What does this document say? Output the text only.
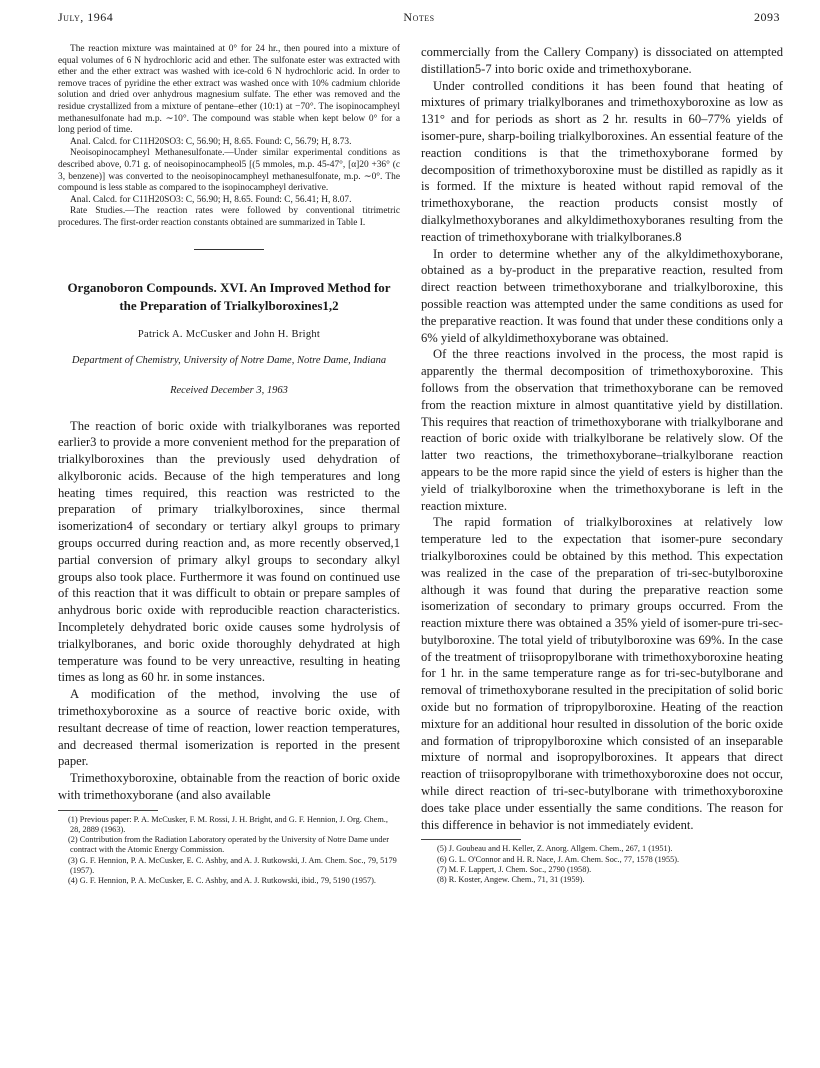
July, 1964	Notes	2093

The reaction mixture was maintained at 0° for 24 hr., then poured into a mixture of equal volumes of 6 N hydrochloric acid and ether. The sulfonate ester was extracted with ether and the ether extract was washed with ice-cold 6 N hydrochloric acid. In order to remove traces of pyridine the ether extract was washed once with 10% cadmium chloride solution and dried over anhydrous magnesium sulfate. The ether was removed and the residue crystallized from a mixture of pentane–ether (10:1) at −70°. The isopinocampheyl methanesulfonate had m.p. ∼10°. The compound was stable when kept below 0° for a long period of time.

Anal. Calcd. for C11H20SO3: C, 56.90; H, 8.65. Found: C, 56.79; H, 8.73.

Neoisopinocampheyl Methanesulfonate.—Under similar experimental conditions as described above, 0.71 g. of neoisopinocampheol5 [(5 mmoles, m.p. 45-47°, [α]20 +36° (c 3, benzene)] was converted to the neoisopinocampheyl methanesulfonate, m.p. ∼0°. The compound is less stable as compared to the isopinocampheyl derivative.

Anal. Calcd. for C11H20SO3: C, 56.90; H, 8.65. Found: C, 56.41; H, 8.07.

Rate Studies.—The reaction rates were followed by conventional titrimetric procedures. The first-order reaction constants obtained are summarized in Table I.

Organoboron Compounds. XVI. An Improved Method for the Preparation of Trialkylboroxines1,2

Patrick A. McCusker and John H. Bright

Department of Chemistry, University of Notre Dame, Notre Dame, Indiana

Received December 3, 1963

The reaction of boric oxide with trialkylboranes was reported earlier3 to provide a more convenient method for the preparation of trialkylboroxines than the previously used dehydration of alkylboronic acids. Because of the high temperatures and long heating times required, this reaction was restricted to the preparation of primary trialkylboroxines, since thermal isomerization4 of secondary or tertiary alkyl groups to primary groups occurred during reaction and, as more recently observed,1 partial conversion of primary alkyl groups to secondary alkyl groups also took place. Furthermore it was found on continued use of this reaction that it was difficult to obtain or prepare samples of anhydrous boric oxide with reproducible reaction characteristics. Incompletely dehydrated boric oxide causes some hydrolysis of trialkylboranes, and boric oxide thoroughly dehydrated at high temperature was found to be very unreactive, resulting in heating times as long as 60 hr. in some instances.

A modification of the method, involving the use of trimethoxyboroxine as a source of reactive boric oxide, with resultant decrease of time of reaction, lower reaction temperatures, and decreased thermal isomerization is reported in the present paper.

Trimethoxyboroxine, obtainable from the reaction of boric oxide with trimethoxyborane (and also available

(1) Previous paper: P. A. McCusker, F. M. Rossi, J. H. Bright, and G. F. Hennion, J. Org. Chem., 28, 2889 (1963).

(2) Contribution from the Radiation Laboratory operated by the University of Notre Dame under contract with the Atomic Energy Commission.

(3) G. F. Hennion, P. A. McCusker, E. C. Ashby, and A. J. Rutkowski, J. Am. Chem. Soc., 79, 5179 (1957).

(4) G. F. Hennion, P. A. McCusker, E. C. Ashby, and A. J. Rutkowski, ibid., 79, 5190 (1957).

commercially from the Callery Company) is dissociated on attempted distillation5-7 into boric oxide and trimethoxyborane.

Under controlled conditions it has been found that heating of mixtures of primary trialkylboranes and trimethoxyboroxine as low as 131° and for periods as short as 2 hr. results in 60–77% yields of isomer-pure, sharp-boiling trialkylboroxines. An essential feature of the reaction conditions is that the trimethoxyborane formed by decomposition of trimethoxyboroxine must be distilled as rapidly as it is formed. If the mixture is heated without rapid removal of the trimethoxyborane, the reaction products consist mostly of dialkylmethoxyboranes and alkyldimethoxyboranes resulting from the reaction of trimethoxyborane with trialkylboranes.8

In order to determine whether any of the alkyldimethoxyborane, obtained as a by-product in the preparative reaction, resulted from direct reaction between trimethoxyborane and trialkylboroxine, this possible reaction was attempted under the same conditions as used for the preparative reaction. It was found that under these conditions only a 6% yield of alkyldimethoxyborane was obtained.

Of the three reactions involved in the process, the most rapid is apparently the thermal decomposition of trimethoxyboroxine. This follows from the observation that trimethoxyborane can be removed from the reaction mixture in almost quantitative yield by distillation. This requires that reaction of trimethoxyborane with trialkylborane and reaction of boric oxide with trialkylborane be relatively slow. Of the latter two reactions, the trimethoxyborane–trialkylborane reaction appears to be the more rapid since the yield of esters is higher than the yield of trialkylboroxine when the trimethoxyborane is left in the reaction mixture.

The rapid formation of trialkylboroxines at relatively low temperature led to the expectation that isomer-pure secondary trialkylboroxines could be obtained by this method. This expectation was realized in the case of the preparation of tri-sec-butylboroxine although it was found that during the preparative reaction some isomerization of secondary to primary groups occurred. From the reaction mixture there was obtained a 35% yield of isomer-pure tri-sec-butylboroxine. The total yield of tributylboroxine was 69%. In the case of the treatment of triisopropylborane with trimethoxyboroxine heating for 1 hr. in the same temperature range as for tri-sec-butylborane and removal of trimethoxyborane resulted in the precipitation of solid boric oxide but no formation of tripropylboroxine. Heating of the reaction mixture for an additional hour resulted in dissolution of the boric oxide and formation of tripropylboroxine which consisted of an inseparable mixture of normal and isopropylboroxines. It appears that direct reaction of triisopropylborane with trimethoxyboroxine does not occur, while direct reaction of tri-sec-butylborane with trimethoxyboroxine does take place under essentially the same conditions. The reason for this difference in behavior is not immediately evident.

(5) J. Goubeau and H. Keller, Z. Anorg. Allgem. Chem., 267, 1 (1951).

(6) G. L. O'Connor and H. R. Nace, J. Am. Chem. Soc., 77, 1578 (1955).

(7) M. F. Lappert, J. Chem. Soc., 2790 (1958).

(8) R. Koster, Angew. Chem., 71, 31 (1959).
